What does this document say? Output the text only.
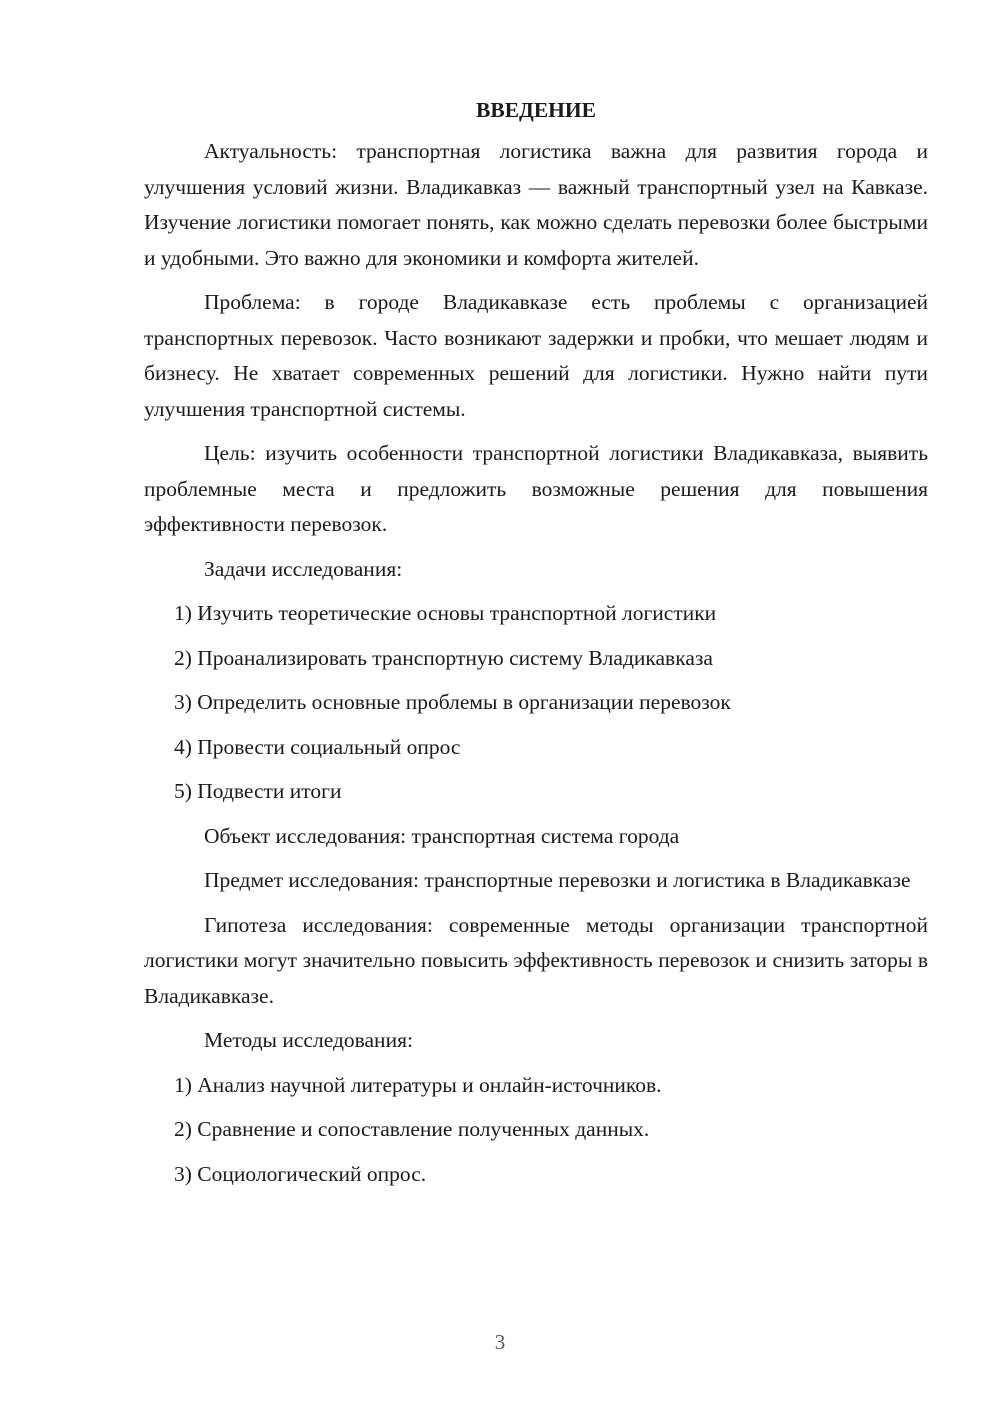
ВВЕДЕНИЕ

Актуальность: транспортная логистика важна для развития города и улучшения условий жизни. Владикавказ — важный транспортный узел на Кавказе. Изучение логистики помогает понять, как можно сделать перевозки более быстрыми и удобными. Это важно для экономики и комфорта жителей.

Проблема: в городе Владикавказе есть проблемы с организацией транспортных перевозок. Часто возникают задержки и пробки, что мешает людям и бизнесу. Не хватает современных решений для логистики. Нужно найти пути улучшения транспортной системы.

Цель: изучить особенности транспортной логистики Владикавказа, выявить проблемные места и предложить возможные решения для повышения эффективности перевозок.

Задачи исследования:

1) Изучить теоретические основы транспортной логистики
2) Проанализировать транспортную систему Владикавказа
3) Определить основные проблемы в организации перевозок
4) Провести социальный опрос
5) Подвести итоги

Объект исследования: транспортная система города

Предмет исследования: транспортные перевозки и логистика в Владикавказе

Гипотеза исследования: современные методы организации транспортной логистики могут значительно повысить эффективность перевозок и снизить заторы в Владикавказе.

Методы исследования:

1) Анализ научной литературы и онлайн-источников.
2) Сравнение и сопоставление полученных данных.
3) Социологический опрос.
3
